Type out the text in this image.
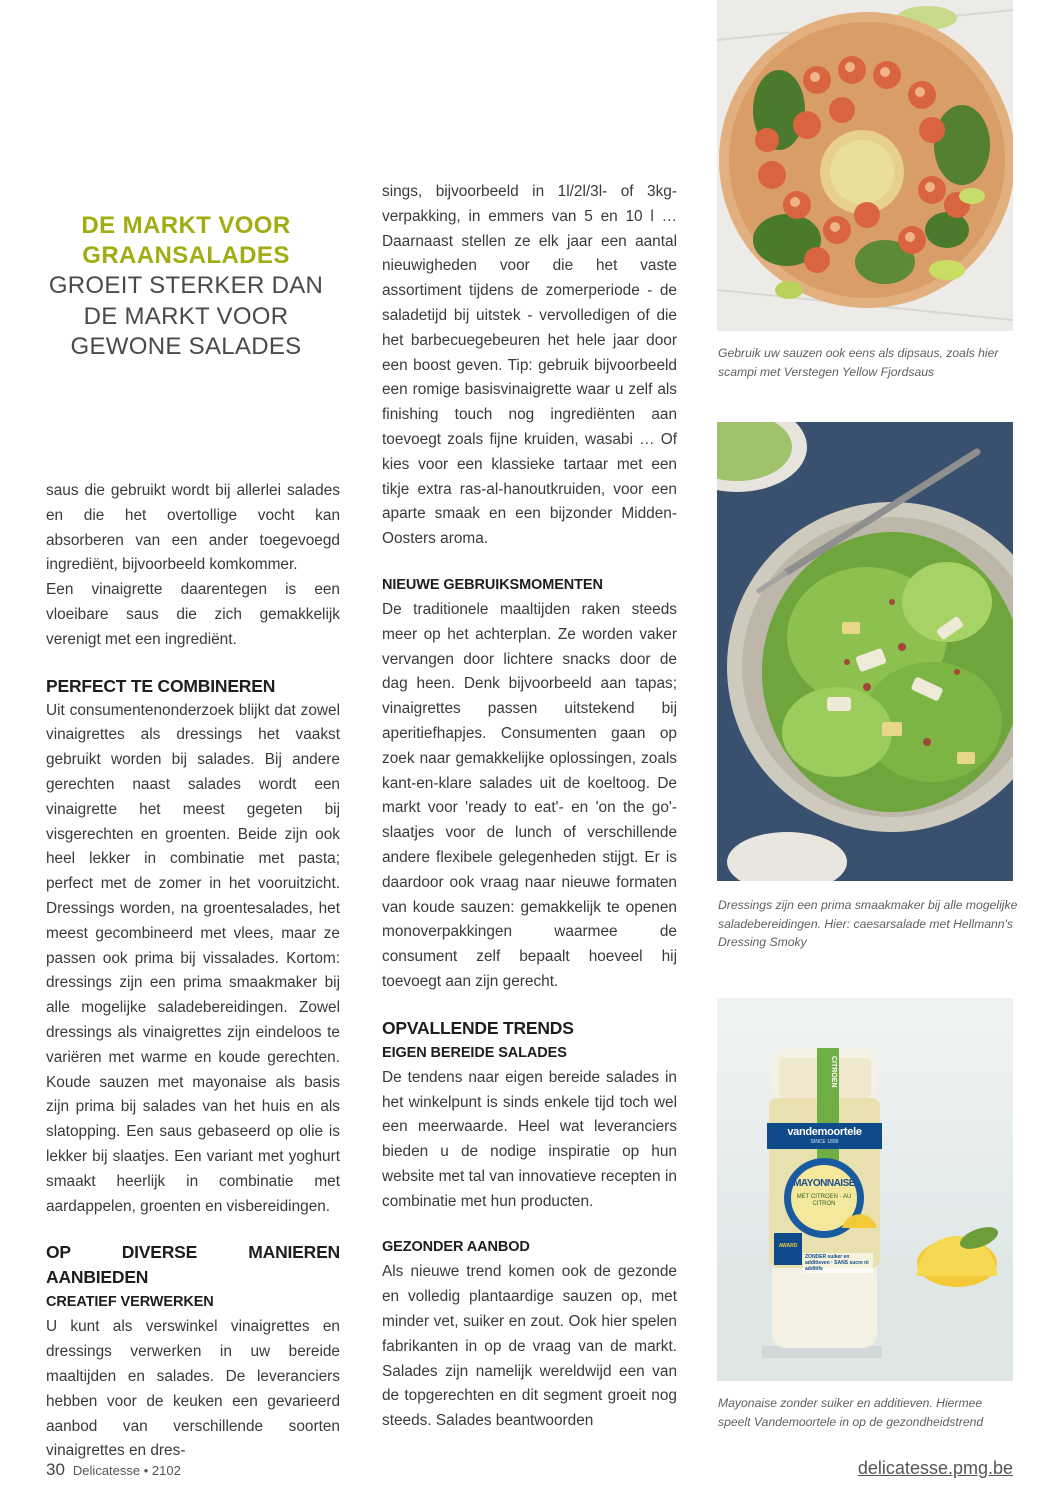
DE MARKT VOOR
GRAANSALADES
GROEIT STERKER DAN
DE MARKT VOOR
GEWONE SALADES

saus die gebruikt wordt bij allerlei salades en die het overtollige vocht kan absorberen van een ander toegevoegd ingrediënt, bijvoorbeeld komkommer.

Een vinaigrette daarentegen is een vloeibare saus die zich gemakkelijk verenigt met een ingrediënt.

PERFECT TE COMBINEREN

Uit consumentenonderzoek blijkt dat zowel vinaigrettes als dressings het vaakst gebruikt worden bij salades. Bij andere gerechten naast salades wordt een vinaigrette het meest gegeten bij visgerechten en groenten. Beide zijn ook heel lekker in combinatie met pasta; perfect met de zomer in het vooruitzicht. Dressings worden, na groentesalades, het meest gecombineerd met vlees, maar ze passen ook prima bij vissalades. Kortom: dressings zijn een prima smaakmaker bij alle mogelijke saladebereidingen. Zowel dressings als vinaigrettes zijn eindeloos te variëren met warme en koude gerechten. Koude sauzen met mayonaise als basis zijn prima bij salades van het huis en als slatopping. Een saus gebaseerd op olie is lekker bij slaatjes. Een variant met yoghurt smaakt heerlijk in combinatie met aardappelen, groenten en visbereidingen.

OP DIVERSE MANIEREN AANBIEDEN
CREATIEF VERWERKEN

U kunt als verswinkel vinaigrettes en dressings verwerken in uw bereide maaltijden en salades. De leveranciers hebben voor de keuken een gevarieerd aanbod van verschillende soorten vinaigrettes en dres-

sings, bijvoorbeeld in 1l/2l/3l- of 3kg-verpakking, in emmers van 5 en 10 l … Daarnaast stellen ze elk jaar een aantal nieuwigheden voor die het vaste assortiment tijdens de zomerperiode - de saladetijd bij uitstek - vervolledigen of die het barbecuegebeuren het hele jaar door een boost geven. Tip: gebruik bijvoorbeeld een romige basisvinaigrette waar u zelf als finishing touch nog ingrediënten aan toevoegt zoals fijne kruiden, wasabi … Of kies voor een klassieke tartaar met een tikje extra ras-al-hanoutkruiden, voor een aparte smaak en een bijzonder Midden-Oosters aroma.

NIEUWE GEBRUIKSMOMENTEN

De traditionele maaltijden raken steeds meer op het achterplan. Ze worden vaker vervangen door lichtere snacks door de dag heen. Denk bijvoorbeeld aan tapas; vinaigrettes passen uitstekend bij aperitiefhapjes. Consumenten gaan op zoek naar gemakkelijke oplossingen, zoals kant-en-klare salades uit de koeltoog. De markt voor 'ready to eat'- en 'on the go'-slaatjes voor de lunch of verschillende andere flexibele gelegenheden stijgt. Er is daardoor ook vraag naar nieuwe formaten van koude sauzen: gemakkelijk te openen monoverpakkingen waarmee de consument zelf bepaalt hoeveel hij toevoegt aan zijn gerecht.

OPVALLENDE TRENDS
EIGEN BEREIDE SALADES

De tendens naar eigen bereide salades in het winkelpunt is sinds enkele tijd toch wel een meerwaarde. Heel wat leveranciers bieden u de nodige inspiratie op hun website met tal van innovatieve recepten in combinatie met hun producten.

GEZONDER AANBOD

Als nieuwe trend komen ook de gezonde en volledig plantaardige sauzen op, met minder vet, suiker en zout. Ook hier spelen fabrikanten in op de vraag van de markt. Salades zijn namelijk wereldwijd een van de topgerechten en dit segment groeit nog steeds. Salades beantwoorden

Gebruik uw sauzen ook eens als dipsaus, zoals hier scampi met Verstegen Yellow Fjordsaus
Dressings zijn een prima smaakmaker bij alle mogelijke saladebereidingen. Hier: caesarsalade met Hellmann's Dressing Smoky
vandemoortele
SINCE 1899
MAYONNAISE
MET CITROEN · AU CITRON
CITROEN
ZONDER suiker en additieven · SANS sucre ni additifs
AWARD
Mayonaise zonder suiker en additieven. Hiermee speelt Vandemoortele in op de gezondheidstrend
30 Delicatesse • 2102	delicatesse.pmg.be
